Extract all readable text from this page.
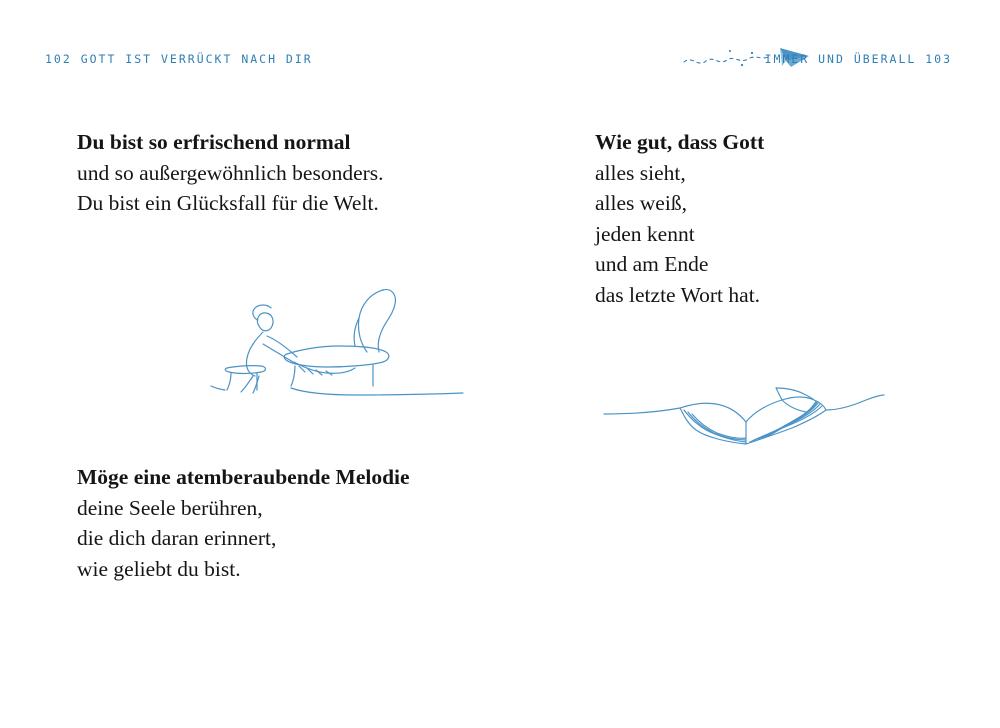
102 GOTT IST VERRÜCKT NACH DIR	IMMER UND ÜBERALL 103
Du bist so erfrischend normal
und so außergewöhnlich besonders.
Du bist ein Glücksfall für die Welt.
Möge eine atemberaubende Melodie
deine Seele berühren,
die dich daran erinnert,
wie geliebt du bist.
Wie gut, dass Gott
alles sieht,
alles weiß,
jeden kennt
und am Ende
das letzte Wort hat.
